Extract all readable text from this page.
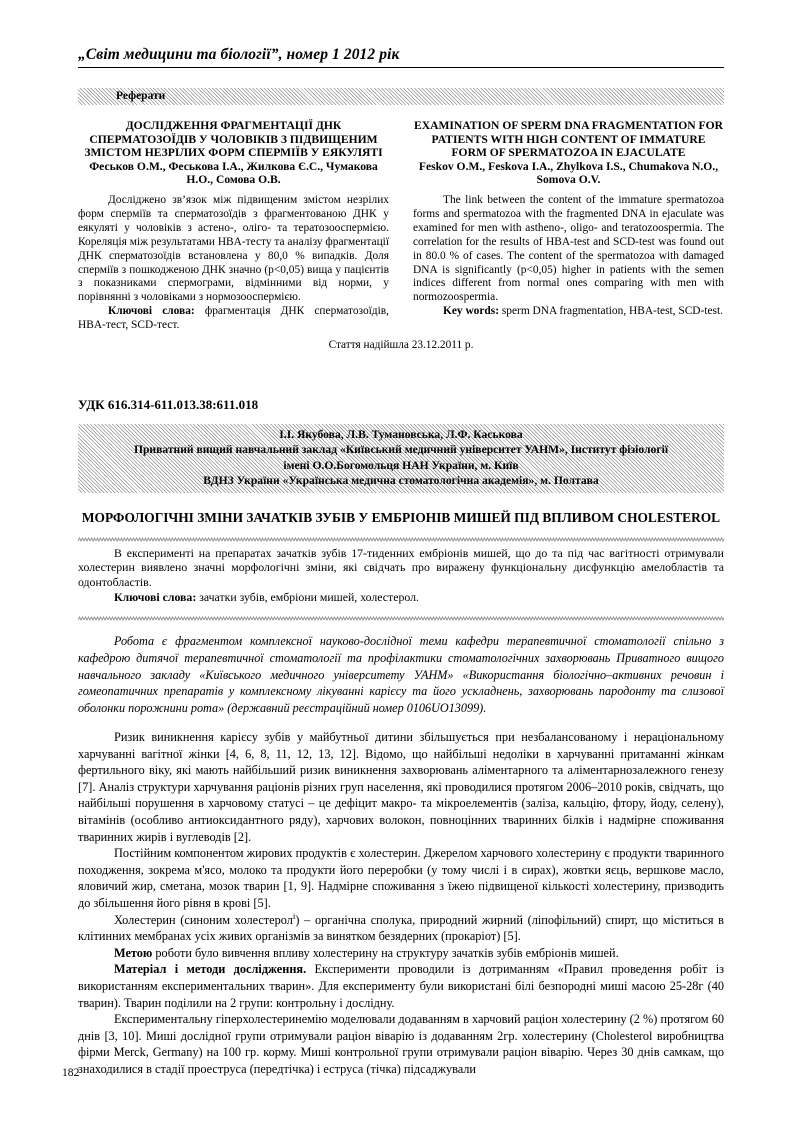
„Світ медицини та біології”, номер 1 2012 рік
Реферати
ДОСЛІДЖЕННЯ ФРАГМЕНТАЦІЇ ДНК СПЕРМАТОЗОЇДІВ У ЧОЛОВІКІВ З ПІДВИЩЕНИМ ЗМІСТОМ НЕЗРІЛИХ ФОРМ СПЕРМІЇВ У ЕЯКУЛЯТІ
Феськов О.М., Феськова І.А., Жилкова Є.С., Чумакова Н.О., Сомова О.В.
Досліджено зв’язок між підвищеним змістом незрілих форм сперміїв та сперматозоїдів з фрагментованою ДНК у еякуляті у чоловіків з астено-, оліго- та тератозооспермією. Кореляція між результатами HBA-тесту та аналізу фрагментації ДНК сперматозоїдів встановлена у 80,0 % випадків. Доля сперміїв з пошкодженою ДНК значно (p<0,05) вища у пацієнтів з показниками спермограми, відмінними від норми, у порівнянні з чоловіками з нормозооспермією.
Ключові слова: фрагментація ДНК сперматозоїдів, HBA-тест, SCD-тест.
EXAMINATION OF SPERM DNA FRAGMENTATION FOR PATIENTS WITH HIGH CONTENT OF IMMATURE FORM OF SPERMATOZOA IN EJACULATE
Feskov O.M., Feskova I.A., Zhylkova I.S., Chumakova N.O., Somova O.V.
The link between the content of the immature spermatozoa forms and spermatozoa with the fragmented DNA in ejaculate was examined for men with astheno-, oligo- and teratozoospermia. The correlation for the results of HBA-test and SCD-test was found out in 80.0 % of cases. The content of the spermatozoa with damaged DNA is significantly (p<0,05) higher in patients with the semen indices different from normal ones comparing with men with normozoospermia.
Key words: sperm DNA fragmentation, HBA-test, SCD-test.
Стаття надійшла 23.12.2011 р.
УДК 616.314-611.013.38:611.018
І.І. Якубова, Л.В. Тумановська, Л.Ф. Каськова
Приватний вищий навчальний заклад «Київський медичний університет УАНМ», Інститут фізіології
імені О.О.Богомольця НАН України, м. Київ
ВДНЗ України «Українська медична стоматологічна академія», м. Полтава
МОРФОЛОГІЧНІ ЗМІНИ ЗАЧАТКІВ ЗУБІВ У ЕМБРІОНІВ МИШЕЙ ПІД ВПЛИВОМ CHOLESTEROL
В експерименті на препаратах зачатків зубів 17-тиденних ембріонів мишей, що до та під час вагітності отримували холестерин виявлено значні морфологічні зміни, які свідчать про виражену функціональну дисфункцію амелобластів та одонтобластів.
Ключові слова: зачатки зубів, ембріони мишей, холестерол.
Робота є фрагментом комплексної науково-дослідної теми кафедри терапевтичної стоматології спільно з кафедрою дитячої терапевтичної стоматології та профілактики стоматологічних захворювань Приватного вищого навчального закладу «Київського медичного університету УАНМ» «Використання біологічно–активних речовин і гомеопатичних препаратів у комплексному лікуванні карієсу та його ускладнень, захворювань пародонту та слизової оболонки порожнини рота» (державний реєстраційний номер 0106UO13099).
Ризик виникнення карієсу зубів у майбутньої дитини збільшується при незбалансованому і нераціональному харчуванні вагітної жінки [4, 6, 8, 11, 12, 13, 12]. Відомо, що найбільші недоліки в харчуванні притаманні жінкам фертильного віку, які мають найбільший ризик виникнення захворювань аліментарного та аліментарнозалежного генезу [7]. Аналіз структури харчування раціонів різних груп населення, які проводилися протягом 2006–2010 років, свідчать, що найбільші порушення в харчовому статусі – це дефіцит макро- та мікроелементів (заліза, кальцію, фтору, йоду, селену), вітамінів (особливо антиоксидантного ряду), харчових волокон, повноцінних тваринних білків і надмірне споживання тваринних жирів і вуглеводів [2].
Постійним компонентом жирових продуктів є холестерин. Джерелом харчового холестерину є продукти тваринного походження, зокрема м'ясо, молоко та продукти його переробки (у тому числі і в сирах), жовтки яєць, вершкове масло, яловичий жир, сметана, мозок тварин [1, 9]. Надмірне споживання з їжею підвищеної кількості холестерину, призводить до збільшення його рівня в крові [5].
Холестерин (синоним холестерол$^і$) – органічна сполука, природний жирний (ліпофільний) спирт, що міститься в клітинних мембранах усіх живих організмів за винятком безядерних (прокаріот) [5].
Метою роботи було вивчення впливу холестерину на структуру зачатків зубів ембріонів мишей.
Матеріал і методи дослідження. Експерименти проводили із дотриманням «Правил проведення робіт із використанням експериментальних тварин». Для експерименту були використані білі безпородні миші масою 25-28г (40 тварин). Тварин поділили на 2 групи: контрольну і дослідну.
Експериментальну гіперхолестеринемію моделювали додаванням в харчовий раціон холестерину (2 %) протягом 60 днів [3, 10]. Миші дослідної групи отримували раціон віварію із додаванням 2гр. холестерину (Cholesterol виробництва фірми Merck, Germany) на 100 гр. корму. Миші контрольної групи отримували раціон віварію. Через 30 днів самкам, що знаходилися в стадії проеструса (передтічка) і еструса (тічка) підсаджували
182
